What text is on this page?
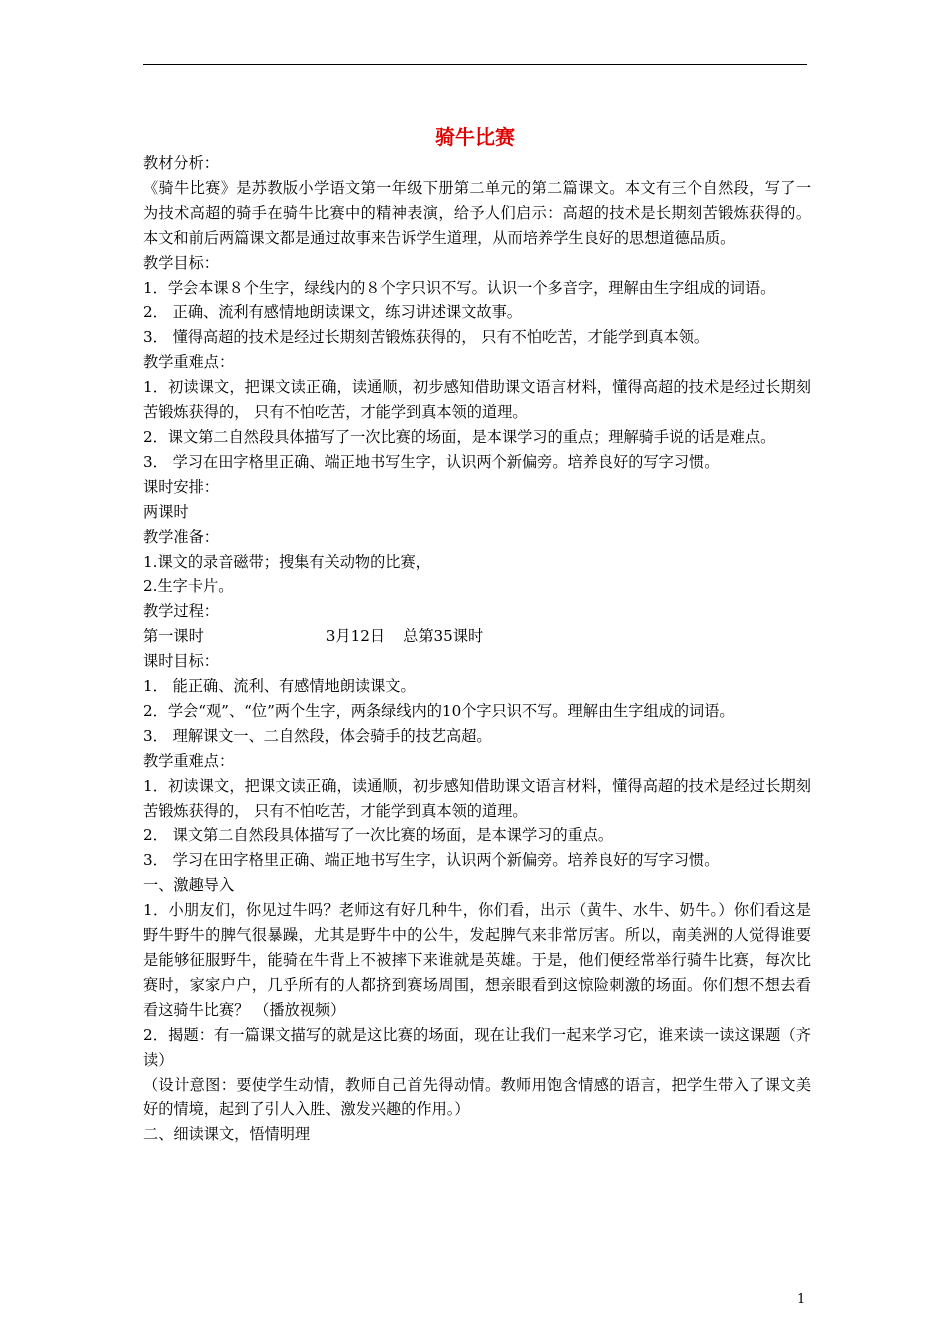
骑牛比赛

教材分析：

《骑牛比赛》是苏教版小学语文第一年级下册第二单元的第二篇课文。本文有三个自然段，写了一为技术高超的骑手在骑牛比赛中的精神表演，给予人们启示：高超的技术是长期刻苦锻炼获得的。本文和前后两篇课文都是通过故事来告诉学生道理，从而培养学生良好的思想道德品质。

教学目标：

1．学会本课８个生字，绿线内的８个字只识不写。认识一个多音字，理解由生字组成的词语。

2． 正确、流利有感情地朗读课文，练习讲述课文故事。

3． 懂得高超的技术是经过长期刻苦锻炼获得的， 只有不怕吃苦，才能学到真本领。

教学重难点：

1．初读课文，把课文读正确，读通顺，初步感知借助课文语言材料，懂得高超的技术是经过长期刻苦锻炼获得的， 只有不怕吃苦，才能学到真本领的道理。

2．课文第二自然段具体描写了一次比赛的场面，是本课学习的重点；理解骑手说的话是难点。

3． 学习在田字格里正确、端正地书写生字，认识两个新偏旁。培养良好的写字习惯。

课时安排：

两课时

教学准备：

1.课文的录音磁带；搜集有关动物的比赛，

2.生字卡片。

教学过程：

第一课时	3月12日 总第35课时

课时目标：

1． 能正确、流利、有感情地朗读课文。

2．学会“观”、“位”两个生字，两条绿线内的10个字只识不写。理解由生字组成的词语。

3． 理解课文一、二自然段，体会骑手的技艺高超。

教学重难点：

1．初读课文，把课文读正确，读通顺，初步感知借助课文语言材料，懂得高超的技术是经过长期刻苦锻炼获得的， 只有不怕吃苦，才能学到真本领的道理。

2． 课文第二自然段具体描写了一次比赛的场面，是本课学习的重点。

3． 学习在田字格里正确、端正地书写生字，认识两个新偏旁。培养良好的写字习惯。

一、激趣导入

1．小朋友们，你见过牛吗？老师这有好几种牛，你们看，出示（黄牛、水牛、奶牛。）你们看这是野牛野牛的脾气很暴躁，尤其是野牛中的公牛，发起脾气来非常厉害。所以，南美洲的人觉得谁要是能够征服野牛，能骑在牛背上不被摔下来谁就是英雄。于是，他们便经常举行骑牛比赛，每次比赛时，家家户户，几乎所有的人都挤到赛场周围，想亲眼看到这惊险刺激的场面。你们想不想去看看这骑牛比赛？ （播放视频）

2．揭题：有一篇课文描写的就是这比赛的场面，现在让我们一起来学习它，谁来读一读这课题（齐读）

（设计意图：要使学生动情，教师自己首先得动情。教师用饱含情感的语言，把学生带入了课文美好的情境，起到了引人入胜、激发兴趣的作用。）

二、细读课文，悟情明理

1
